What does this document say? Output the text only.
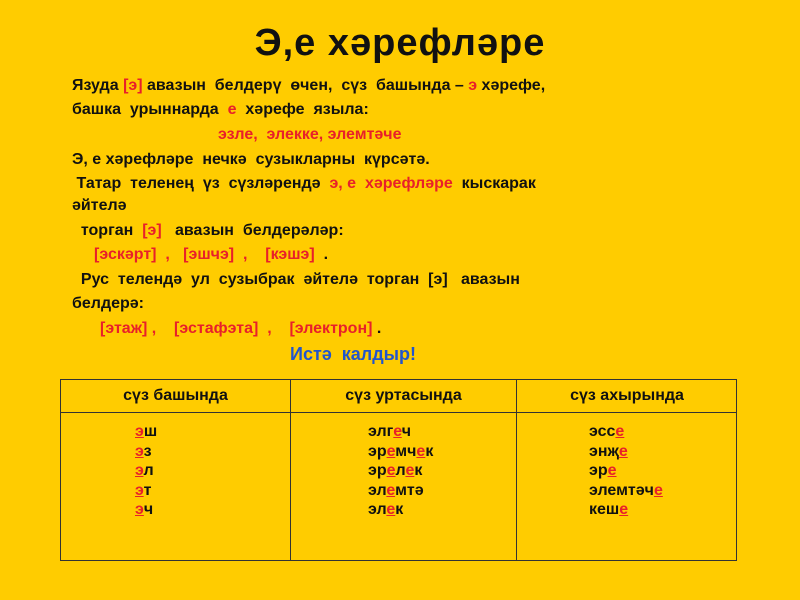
Э,е хәрефләре
Язуда [э] авазын  белдерү  өчен,  сүз  башында – э хәрефе,
башка  урыннарда  е  хәрефе  языла:
эзле,  элекке, элемтәче
Э, е хәрефләре  нечкә  сузыкларны  күрсәтә.
Татар  теленең  үз  сүзләрендә  э, е  хәрефләре  кыскарак
әйтелә
торган  [э]   авазын  белдерәләр:
[эскәрт]  ,   [эшчэ]  ,    [кэшэ]  .
Рус  телендә  ул  сузыбрак  әйтелә  торган  [э]   авазын
белдерә:
[этаж] ,    [эстафэта]  ,    [электрон] .
Истә  калдыр!
сүз башында	сүз уртасында	сүз ахырында
эш
эз
эл
эт
эч
элгеч
эремчек
эрелек
элемтә
элек
эссе
энҗе
эре
элемтәче
кеше
